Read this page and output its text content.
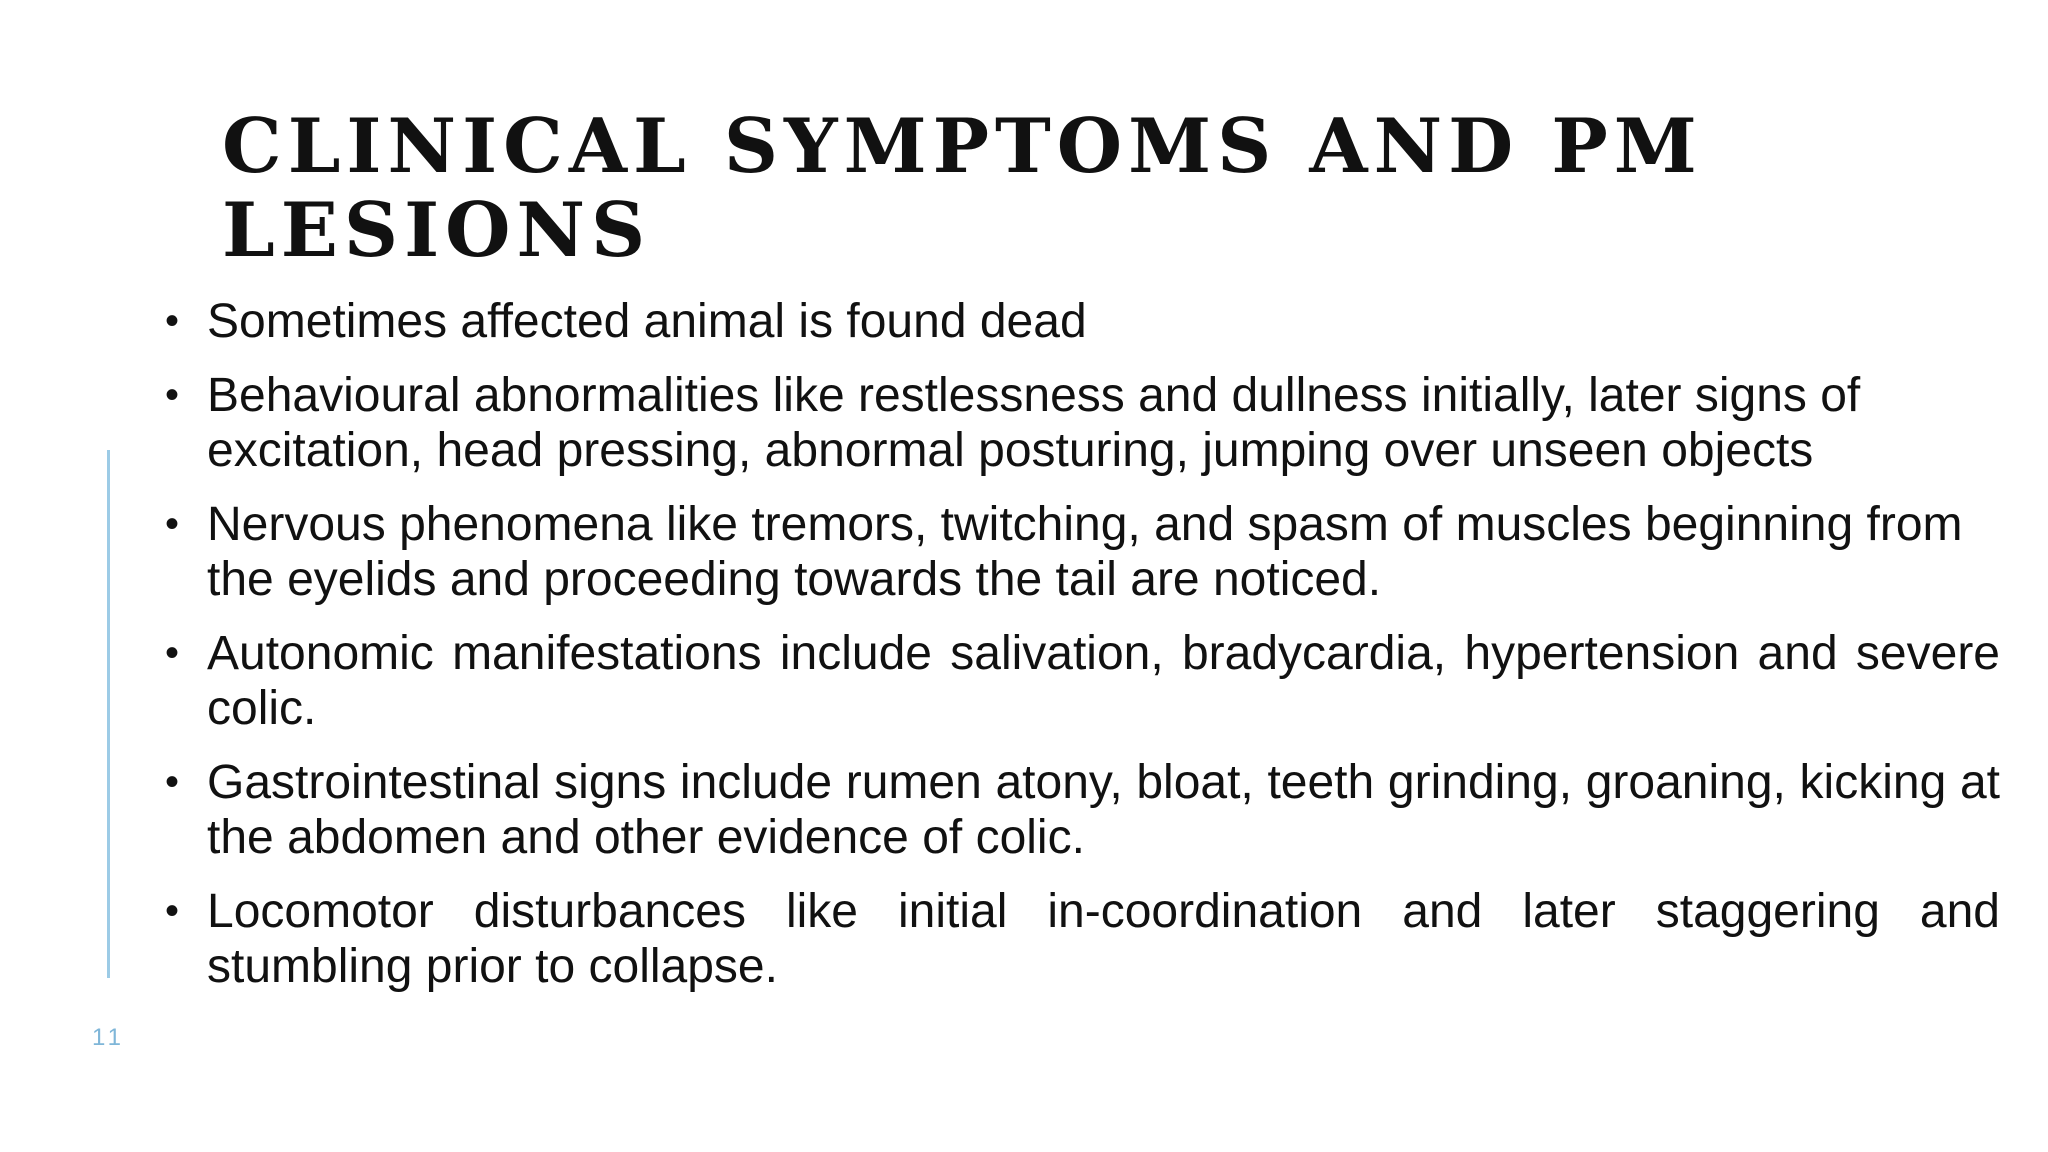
CLINICAL SYMPTOMS AND PM LESIONS
11
• Sometimes affected animal is found dead
• Behavioural abnormalities like restlessness and dullness initially, later signs of excitation, head pressing, abnormal posturing, jumping over unseen objects
• Nervous phenomena like tremors, twitching, and spasm of muscles beginning from the eyelids and proceeding towards the tail are noticed.
• Autonomic manifestations include salivation, bradycardia, hypertension and severe colic.
• Gastrointestinal signs include rumen atony, bloat, teeth grinding, groaning, kicking at the abdomen and other evidence of colic.
• Locomotor disturbances like initial in-coordination and later staggering and stumbling prior to collapse.
